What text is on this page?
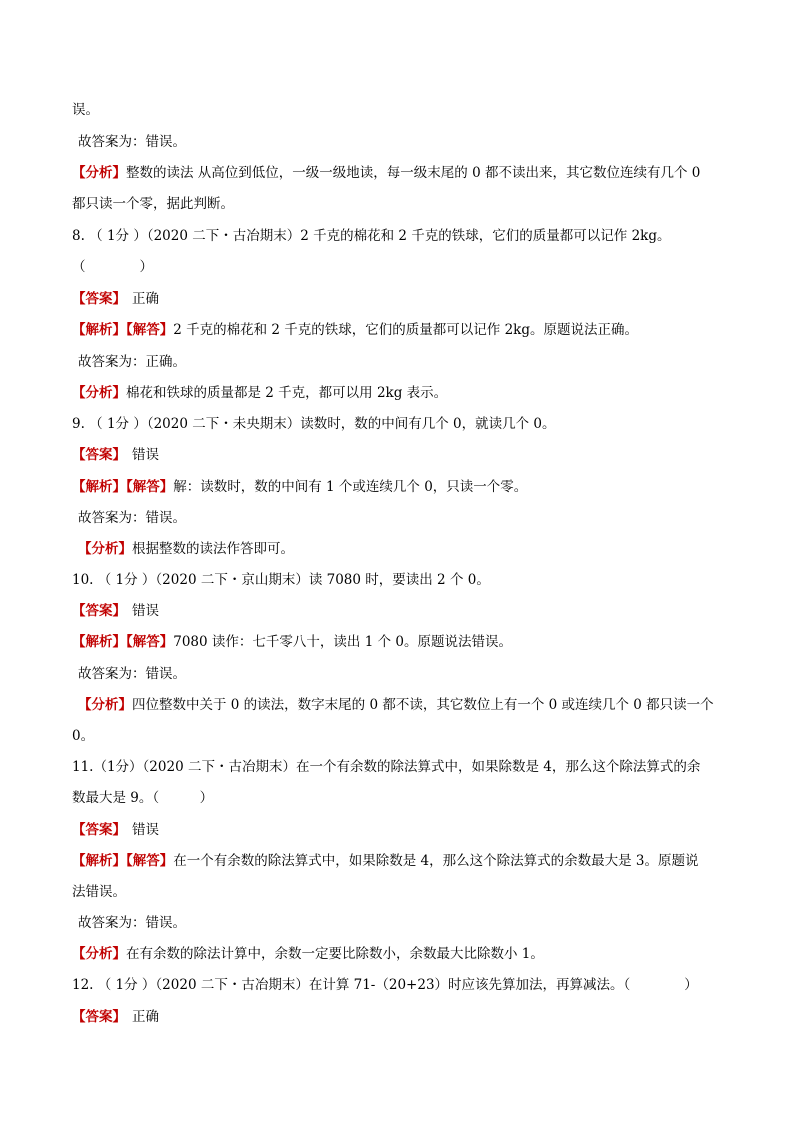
误。
故答案为：错误。
【分析】整数的读法 从高位到低位，一级一级地读，每一级末尾的 0 都不读出来，其它数位连续有几个 0
都只读一个零，据此判断。
8. （ 1分 ）（2020 二下・古冶期末）2 千克的棉花和 2 千克的铁球，它们的质量都可以记作 2kg。
（　　　　）
【答案】 正确
【解析】【解答】2 千克的棉花和 2 千克的铁球，它们的质量都可以记作 2kg。原题说法正确。
故答案为：正确。
【分析】棉花和铁球的质量都是 2 千克，都可以用 2kg 表示。
9. （ 1分 ）（2020 二下・未央期末）读数时，数的中间有几个 0，就读几个 0。
【答案】 错误
【解析】【解答】解：读数时，数的中间有 1 个或连续几个 0，只读一个零。
故答案为：错误。
【分析】根据整数的读法作答即可。
10. （ 1分 ）（2020 二下・京山期末）读 7080 时，要读出 2 个 0。
【答案】 错误
【解析】【解答】7080 读作：七千零八十，读出 1 个 0。原题说法错误。
故答案为：错误。
【分析】四位整数中关于 0 的读法，数字末尾的 0 都不读，其它数位上有一个 0 或连续几个 0 都只读一个
0。
11.（1分）（2020 二下・古冶期末）在一个有余数的除法算式中，如果除数是 4，那么这个除法算式的余
数最大是 9。（　　　）
【答案】 错误
【解析】【解答】在一个有余数的除法算式中，如果除数是 4，那么这个除法算式的余数最大是 3。原题说
法错误。
故答案为：错误。
【分析】在有余数的除法计算中，余数一定要比除数小，余数最大比除数小 1。
12. （ 1分 ）（2020 二下・古冶期末）在计算 71-（20+23）时应该先算加法，再算减法。（　　　　）
【答案】 正确
